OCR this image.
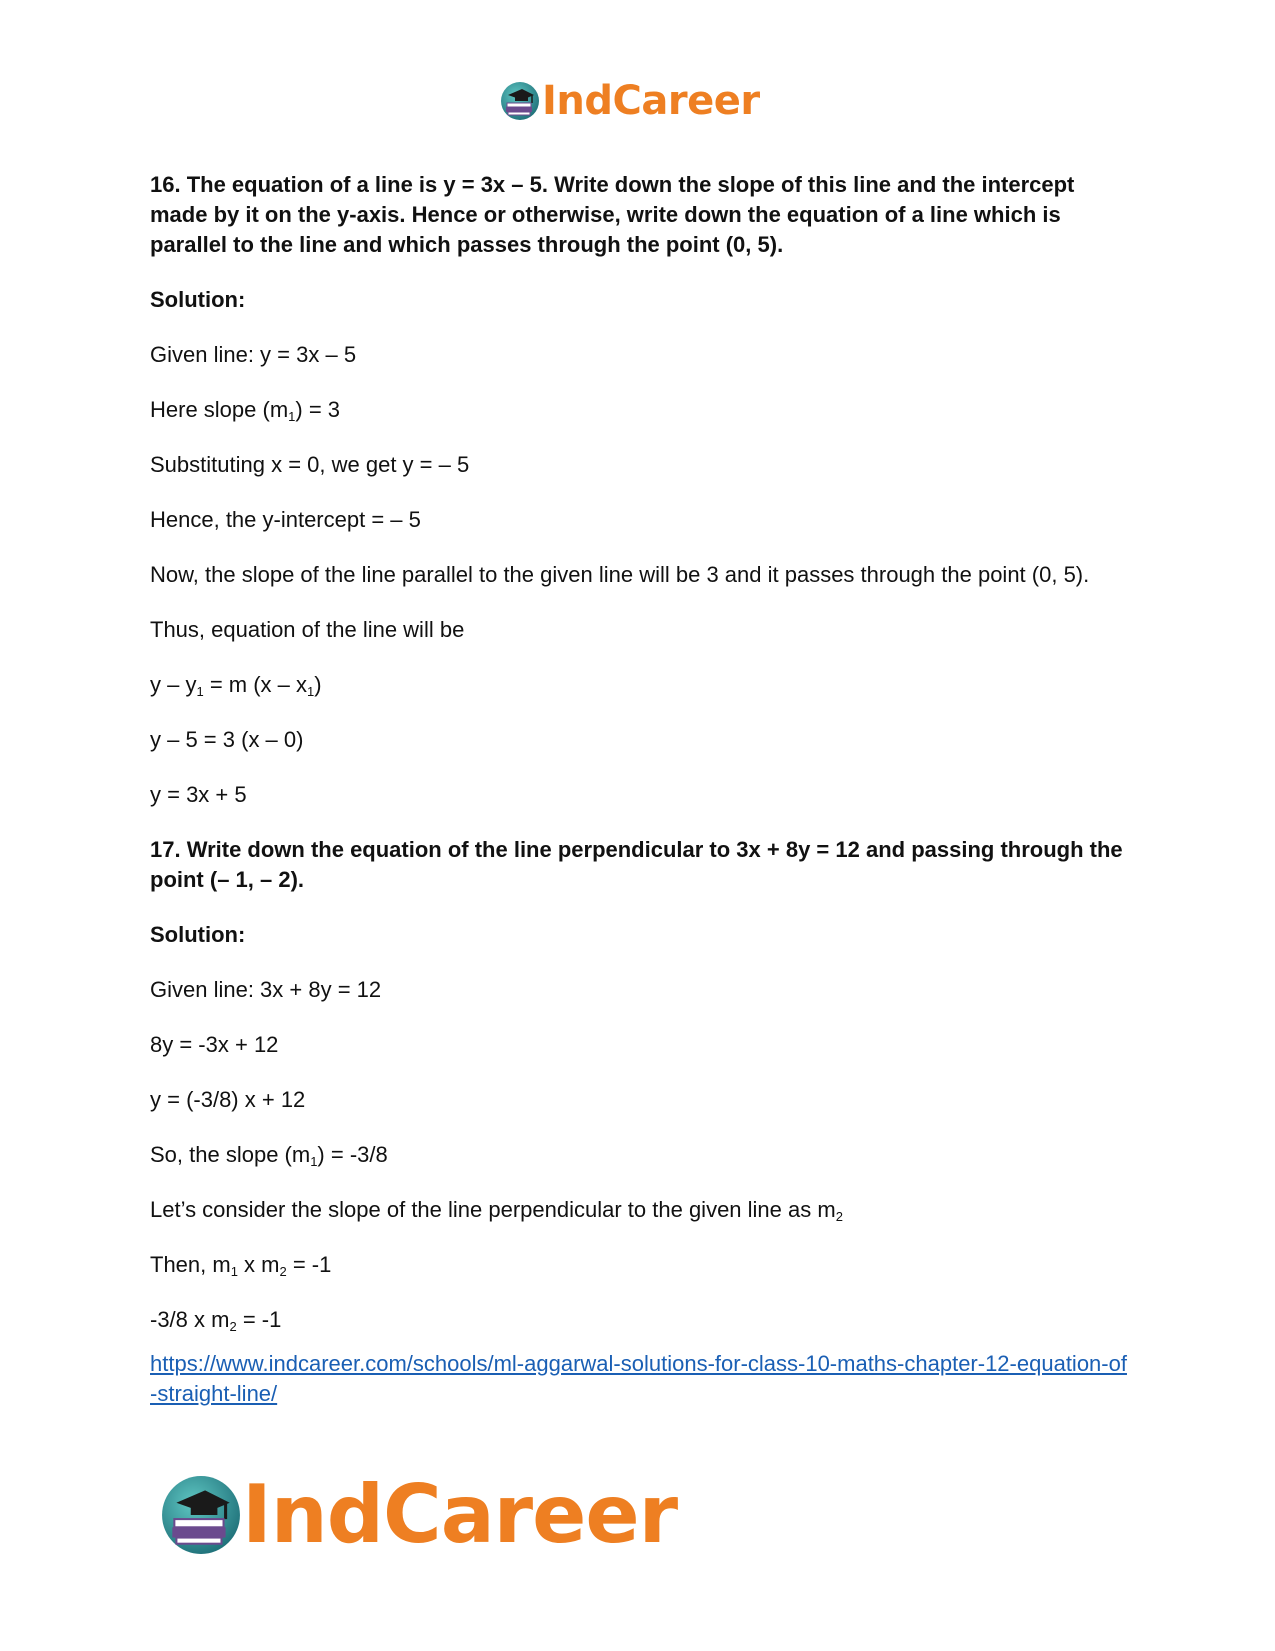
IndCareer

16. The equation of a line is y = 3x – 5. Write down the slope of this line and the intercept made by it on the y-axis. Hence or otherwise, write down the equation of a line which is parallel to the line and which passes through the point (0, 5).

Solution:

Given line: y = 3x – 5

Here slope $(m_1) = 3$

Substituting x = 0, we get y = – 5

Hence, the y-intercept = – 5

Now, the slope of the line parallel to the given line will be 3 and it passes through the point (0, 5).

Thus, equation of the line will be

$y - y_1 = m$ $(x - x_1)$

y – 5 = 3 (x – 0)

y = 3x + 5

17. Write down the equation of the line perpendicular to 3x + 8y = 12 and passing through the point (– 1, – 2).

Solution:

Given line: 3x + 8y = 12

8y = -3x + 12

y = (-3/8) x + 12

So, the slope $(m_1) = -3/8$

Let’s consider the slope of the line perpendicular to the given line as $m_2$

Then, $m_1$ x $m_2 = -1$

-3/8 x $m_2 = -1$

https://www.indcareer.com/schools/ml-aggarwal-solutions-for-class-10-maths-chapter-12-equation-of-straight-line/
IndCareer
